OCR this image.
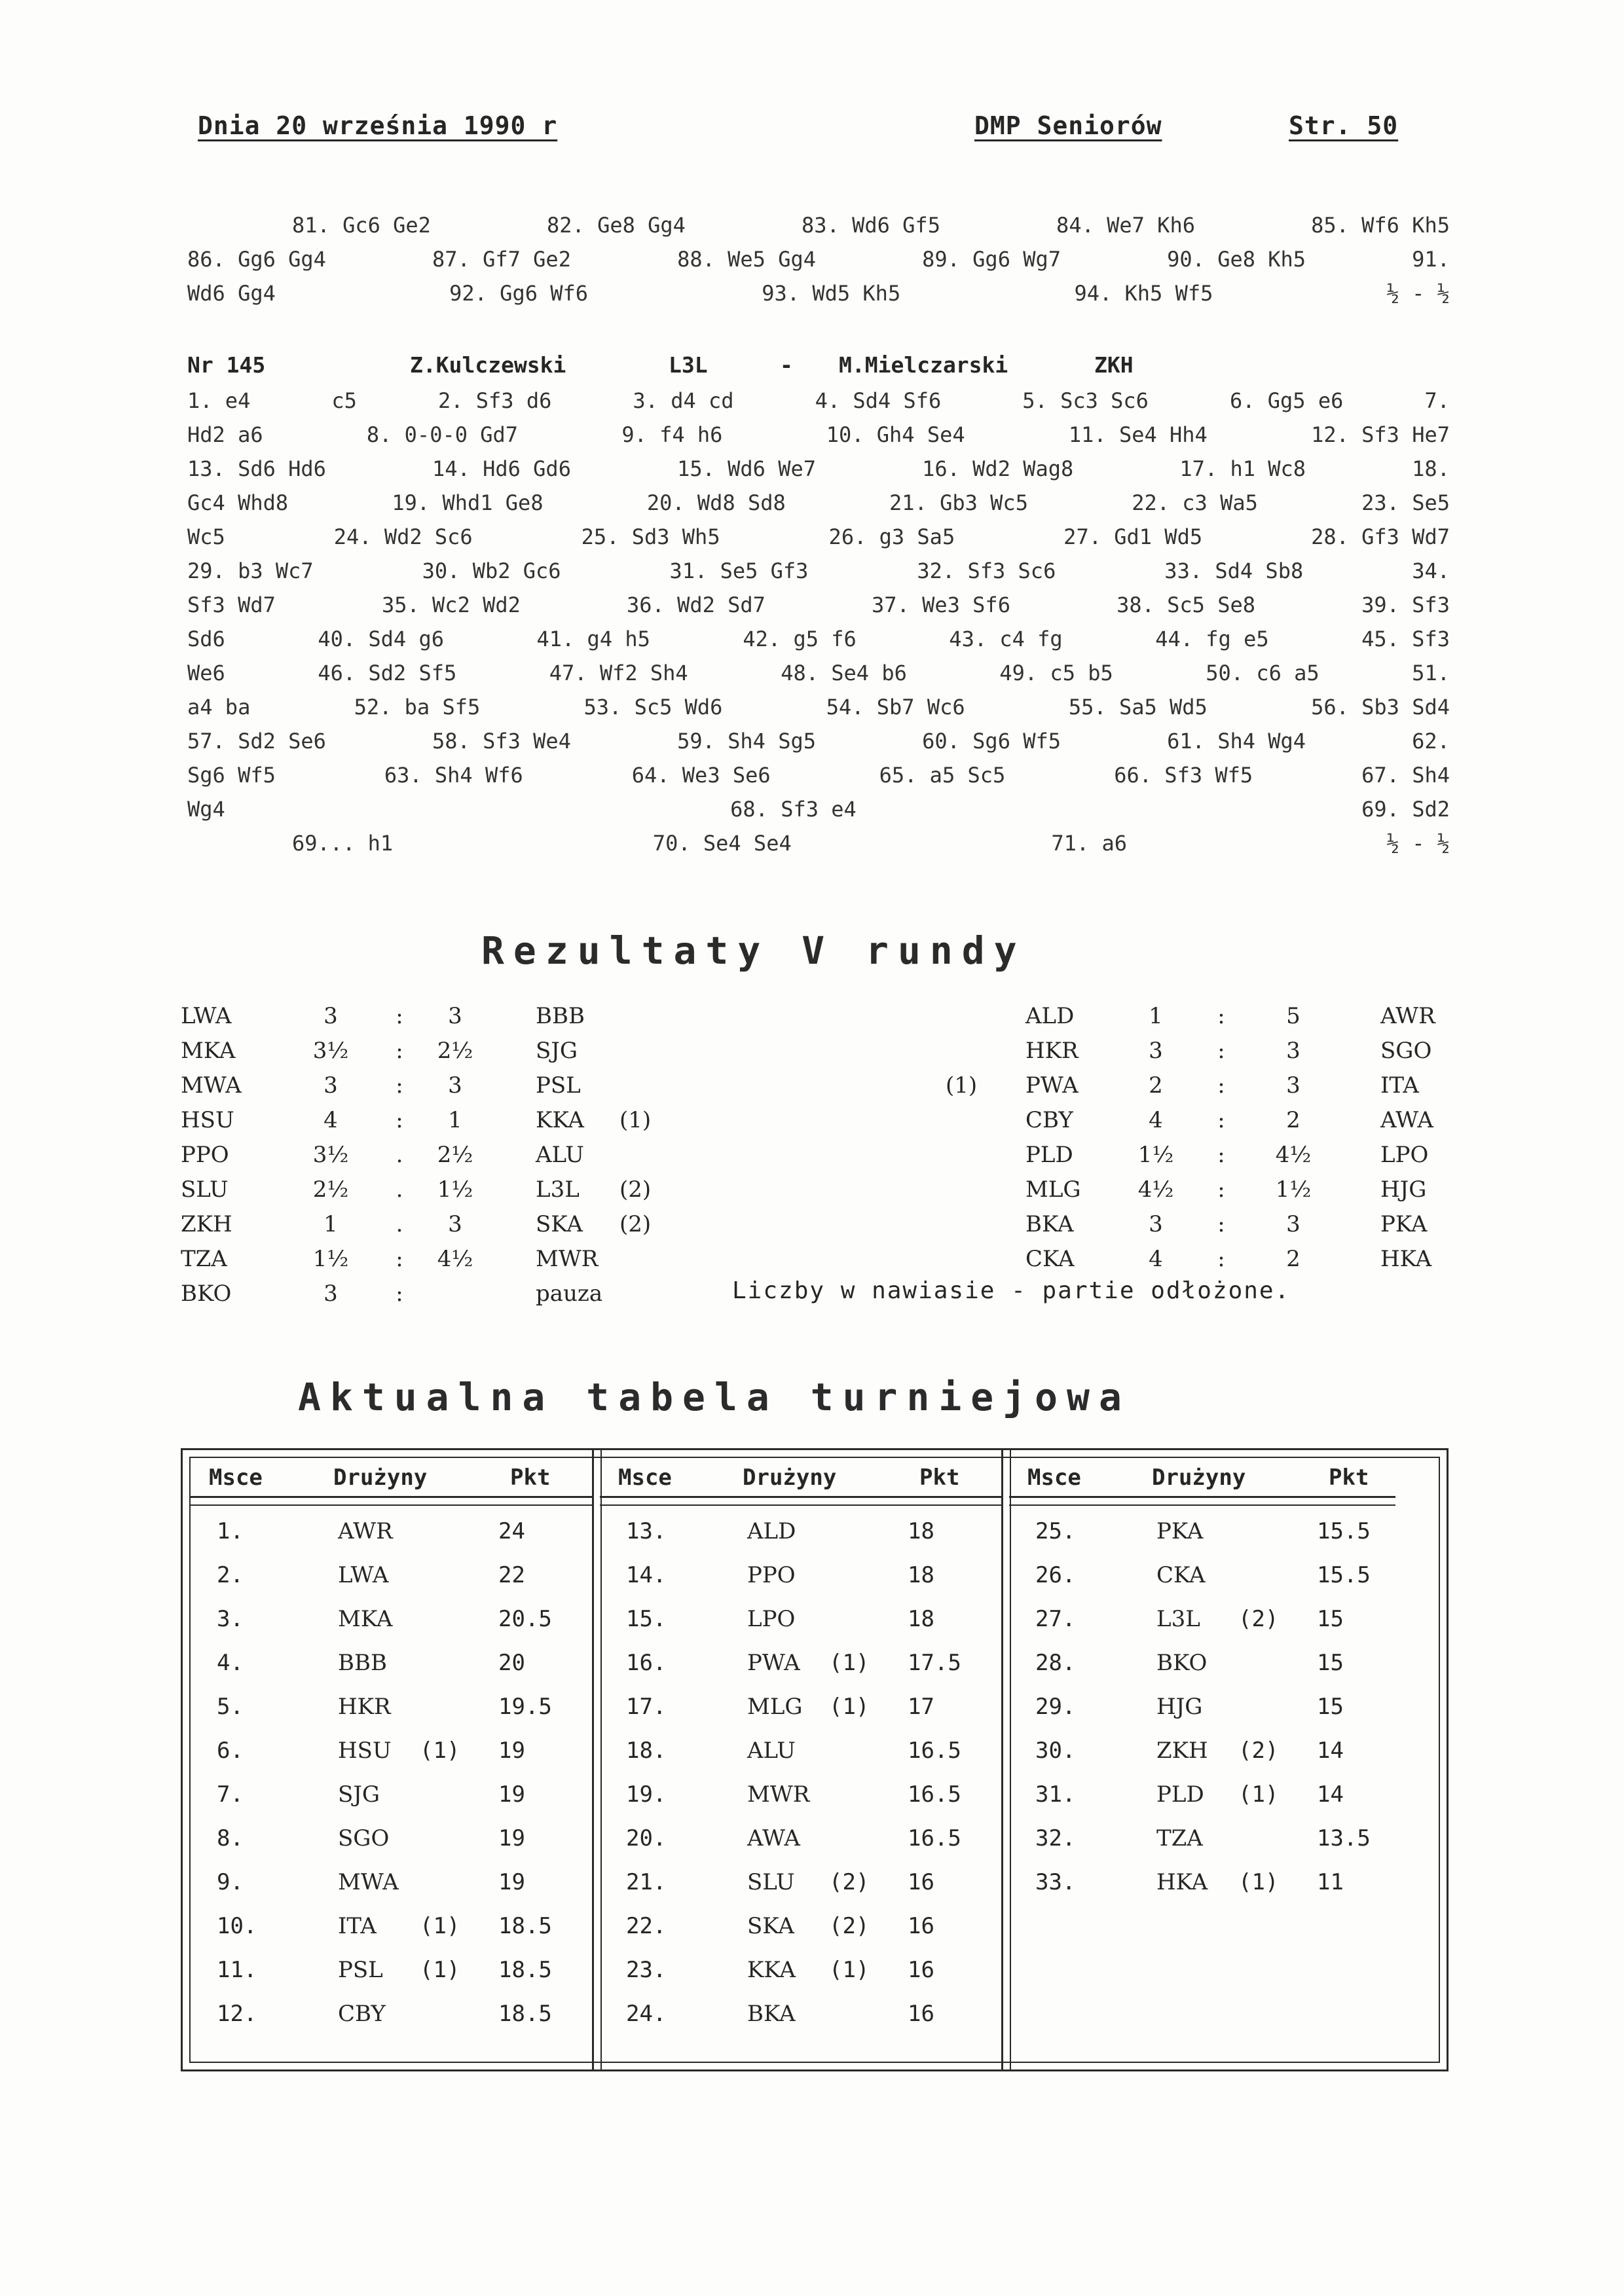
Dnia 20 września 1990 r	DMP Seniorów	Str. 50
81. Gc6 Ge2	82. Ge8 Gg4	83. Wd6 Gf5	84. We7 Kh6	85. Wf6 Kh5
86. Gg6 Gg4	87. Gf7 Ge2	88. We5 Gg4	89. Gg6 Wg7	90. Ge8 Kh5	91.
Wd6 Gg4	92. Gg6 Wf6	93. Wd5 Kh5	94. Kh5 Wf5	½ - ½
Nr 145	Z.Kulczewski	L3L	-	M.Mielczarski	ZKH
1. e4	c5	2. Sf3 d6	3. d4 cd	4. Sd4 Sf6	5. Sc3 Sc6	6. Gg5 e6	7.
Hd2 a6	8. 0-0-0 Gd7	9. f4 h6	10. Gh4 Se4	11. Se4 Hh4	12. Sf3 He7
13. Sd6 Hd6	14. Hd6 Gd6	15. Wd6 We7	16. Wd2 Wag8	17. h1 Wc8	18.
Gc4 Whd8	19. Whd1 Ge8	20. Wd8 Sd8	21. Gb3 Wc5	22. c3 Wa5	23. Se5
Wc5	24. Wd2 Sc6	25. Sd3 Wh5	26. g3 Sa5	27. Gd1 Wd5	28. Gf3 Wd7
29. b3 Wc7	30. Wb2 Gc6	31. Se5 Gf3	32. Sf3 Sc6	33. Sd4 Sb8	34.
Sf3 Wd7	35. Wc2 Wd2	36. Wd2 Sd7	37. We3 Sf6	38. Sc5 Se8	39. Sf3
Sd6	40. Sd4 g6	41. g4 h5	42. g5 f6	43. c4 fg	44. fg e5	45. Sf3
We6	46. Sd2 Sf5	47. Wf2 Sh4	48. Se4 b6	49. c5 b5	50. c6 a5	51.
a4 ba	52. ba Sf5	53. Sc5 Wd6	54. Sb7 Wc6	55. Sa5 Wd5	56. Sb3 Sd4
57. Sd2 Se6	58. Sf3 We4	59. Sh4 Sg5	60. Sg6 Wf5	61. Sh4 Wg4	62.
Sg6 Wf5	63. Sh4 Wf6	64. We3 Se6	65. a5 Sc5	66. Sf3 Wf5	67. Sh4
Wg4	68. Sf3 e4	69. Sd2
69... h1	70. Se4 Se4	71. a6	½ - ½
Rezultaty V rundy
LWA	3	:	3	BBB
MKA	3½	:	2½	SJG
MWA	3	:	3	PSL
HSU	4	:	1	KKA (1)
PPO	3½	.	2½	ALU
SLU	2½	.	1½	L3L (2)
ZKH	1	.	3	SKA (2)
TZA	1½	:	4½	MWR
BKO	3	:	pauza
ALD	1	:	5	AWR
HKR	3	:	3	SGO
(1) PWA	2	:	3	ITA
CBY	4	:	2	AWA
PLD	1½	:	4½	LPO
MLG	4½	:	1½	HJG
BKA	3	:	3	PKA
CKA	4	:	2	HKA
Liczby w nawiasie - partie odłożone.
Aktualna tabela turniejowa
Msce	Drużyny	Pkt
1.	AWR	24
2.	LWA	22
3.	MKA	20.5
4.	BBB	20
5.	HKR	19.5
6.	HSU (1) 19
7.	SJG	19
8.	SGO	19
9.	MWA	19
10.	ITA (1) 18.5
11.	PSL (1) 18.5
12.	CBY	18.5
Msce	Drużyny	Pkt
13.	ALD	18
14.	PPO	18
15.	LPO	18
16.	PWA (1) 17.5
17.	MLG (1) 17
18.	ALU	16.5
19.	MWR	16.5
20.	AWA	16.5
21.	SLU (2) 16
22.	SKA (2) 16
23.	KKA (1) 16
24.	BKA	16
Msce	Drużyny	Pkt
25.	PKA	15.5
26.	CKA	15.5
27.	L3L (2) 15
28.	BKO	15
29.	HJG	15
30.	ZKH (2) 14
31.	PLD (1) 14
32.	TZA	13.5
33.	HKA (1) 11
